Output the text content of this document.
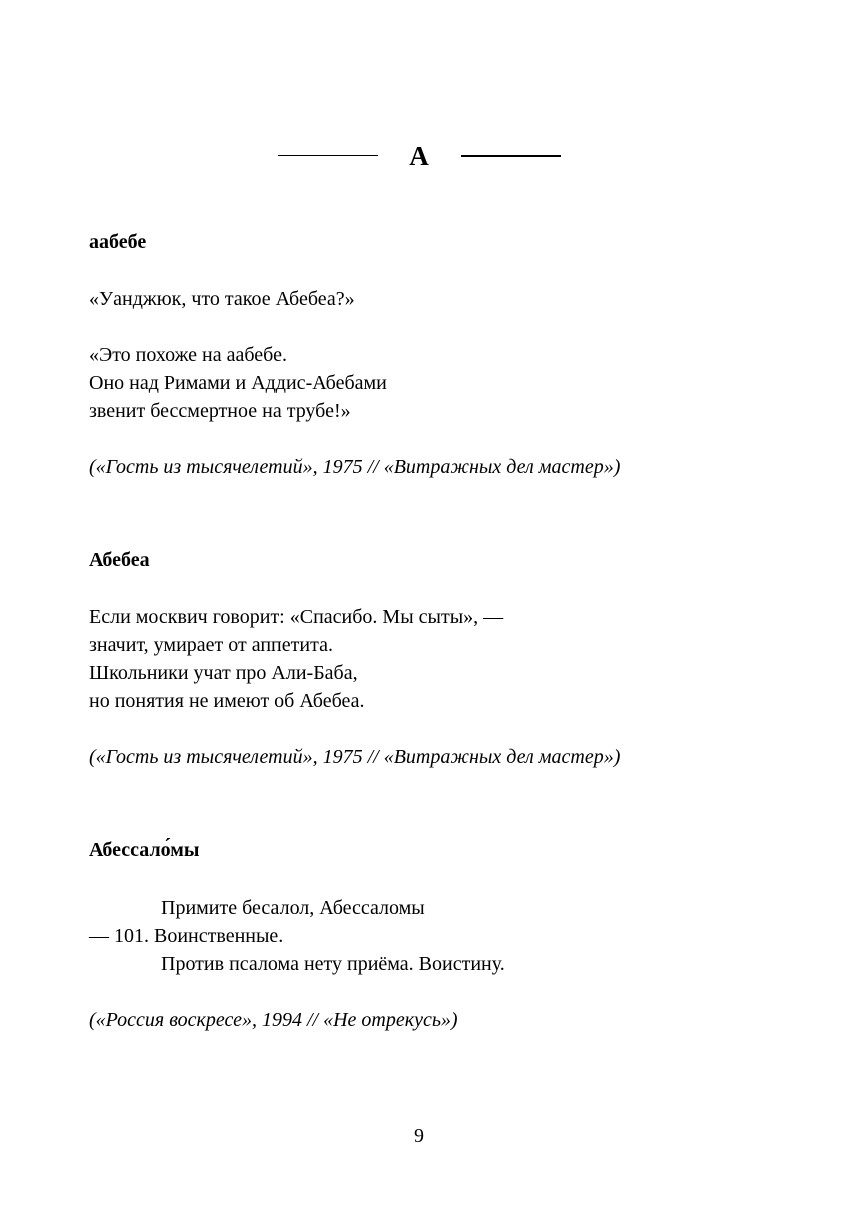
А

аабебе

«Уанджюк, что такое Абебеа?»

«Это похоже на аабебе.

Оно над Римами и Аддис-Абебами

звенит бессмертное на трубе!»

(«Гость из тысячелетий», 1975 // «Витражных дел мастер»)

Абебеа

Если москвич говорит: «Спасибо. Мы сыты», —

значит, умирает от аппетита.

Школьники учат про Али-Баба,

но понятия не имеют об Абебеа.

(«Гость из тысячелетий», 1975 // «Витражных дел мастер»)

Абессало́мы

Примите бесалол, Абессаломы

— 101. Воинственные.

Против псалома нету приёма. Воистину.

(«Россия воскресе», 1994 // «Не отрекусь»)

9
